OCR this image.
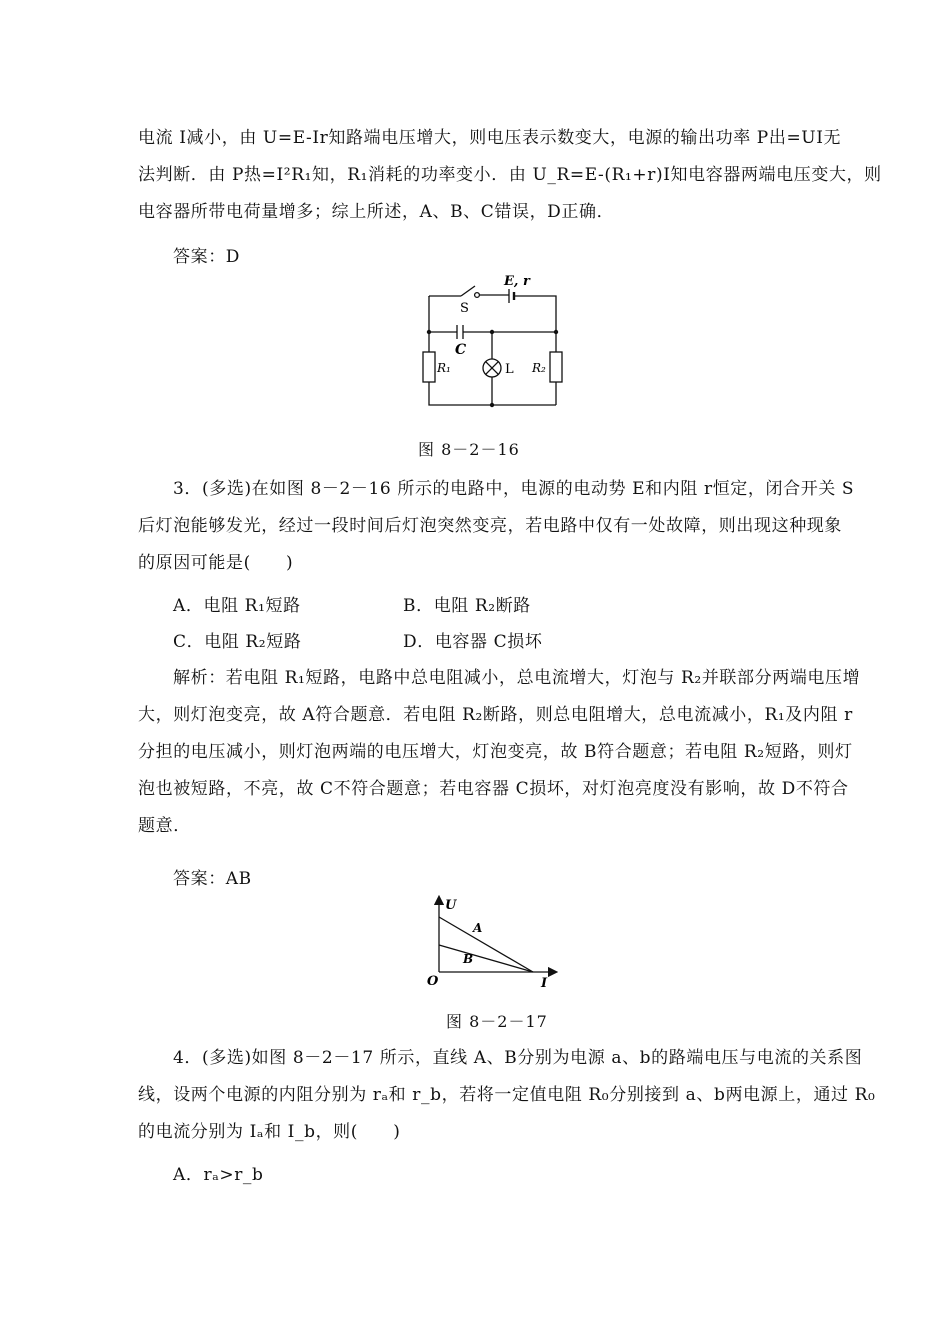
电流 I减小，由 U=E-Ir知路端电压增大，则电压表示数变大，电源的输出功率 P出=UI无
法判断．由 P热=I²R₁知，R₁消耗的功率变小．由 U_R=E-(R₁+r)I知电容器两端电压变大，则
电容器所带电荷量增多；综上所述，A、B、C错误，D正确．
答案：D
S
E, r
C
R₁	R₂
L
图 8－2－16
3．(多选)在如图 8－2－16 所示的电路中，电源的电动势 E和内阻 r恒定，闭合开关 S
后灯泡能够发光，经过一段时间后灯泡突然变亮，若电路中仅有一处故障，则出现这种现象
的原因可能是(　　)
A．电阻 R₁短路	B．电阻 R₂断路
C．电阻 R₂短路	D．电容器 C损坏
解析：若电阻 R₁短路，电路中总电阻减小，总电流增大，灯泡与 R₂并联部分两端电压增
大，则灯泡变亮，故 A符合题意．若电阻 R₂断路，则总电阻增大，总电流减小，R₁及内阻 r
分担的电压减小，则灯泡两端的电压增大，灯泡变亮，故 B符合题意；若电阻 R₂短路，则灯
泡也被短路，不亮，故 C不符合题意；若电容器 C损坏，对灯泡亮度没有影响，故 D不符合
题意．
答案：AB
U
I
O
A
B
图 8－2－17
4．(多选)如图 8－2－17 所示，直线 A、B分别为电源 a、b的路端电压与电流的关系图
线，设两个电源的内阻分别为 rₐ和 r_b，若将一定值电阻 R₀分别接到 a、b两电源上，通过 R₀
的电流分别为 Iₐ和 I_b，则(　　)
A．rₐ>r_b
